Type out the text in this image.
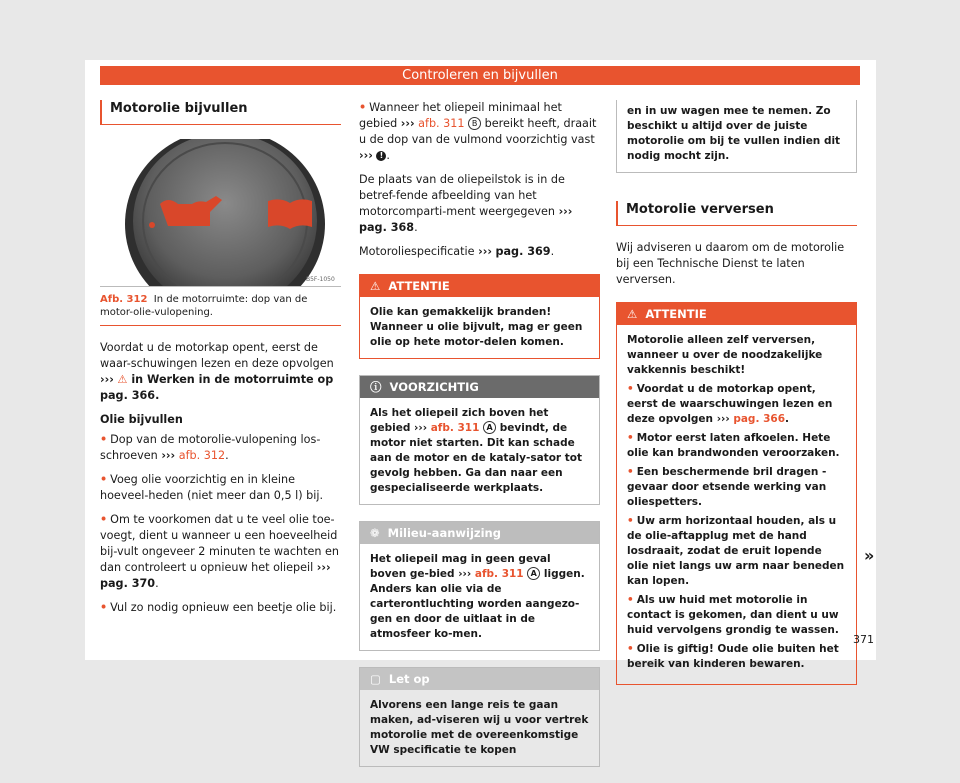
Controleren en bijvullen
Motorolie bijvullen
B5F-1050
Afb. 312 In de motorruimte: dop van de motor-olie-vulopening.

Voordat u de motorkap opent, eerst de waar-schuwingen lezen en deze opvolgen ››› ⚠ in Werken in de motorruimte op pag. 366.

Olie bijvullen

• Dop van de motorolie-vulopening los-schroeven ››› afb. 312.

• Voeg olie voorzichtig en in kleine hoeveel-heden (niet meer dan 0,5 l) bij.

• Om te voorkomen dat u te veel olie toe-voegt, dient u wanneer u een hoeveelheid bij-vult ongeveer 2 minuten te wachten en dan controleert u opnieuw het oliepeil ››› pag. 370.

• Vul zo nodig opnieuw een beetje olie bij.

• Wanneer het oliepeil minimaal het gebied ››› afb. 311 B bereikt heeft, draait u de dop van de vulmond voorzichtig vast ››› ! .

De plaats van de oliepeilstok is in de betref-fende afbeelding van het motorcomparti-ment weergegeven ››› pag. 368.

Motoroliespecificatie ››› pag. 369.

⚠ ATTENTIE
Olie kan gemakkelijk branden! Wanneer u olie bijvult, mag er geen olie op hete motor-delen komen.
ⓘ VOORZICHTIG
Als het oliepeil zich boven het gebied ››› afb. 311 A bevindt, de motor niet starten. Dit kan schade aan de motor en de kataly-sator tot gevolg hebben. Ga dan naar een gespecialiseerde werkplaats.
❁ Milieu-aanwijzing
Het oliepeil mag in geen geval boven ge-bied ››› afb. 311 A liggen. Anders kan olie via de carterontluchting worden aangezo-gen en door de uitlaat in de atmosfeer ko-men.
▢ Let op
Alvorens een lange reis te gaan maken, ad-viseren wij u voor vertrek motorolie met de overeenkomstige VW specificatie te kopen
en in uw wagen mee te nemen. Zo beschikt u altijd over de juiste motorolie om bij te vullen indien dit nodig mocht zijn.
Motorolie verversen

Wij adviseren u daarom om de motorolie bij een Technische Dienst te laten verversen.

⚠ ATTENTIE

Motorolie alleen zelf verversen, wanneer u over de noodzakelijke vakkennis beschikt!

• Voordat u de motorkap opent, eerst de waarschuwingen lezen en deze opvolgen ››› pag. 366.

• Motor eerst laten afkoelen. Hete olie kan brandwonden veroorzaken.

• Een beschermende bril dragen - gevaar door etsende werking van oliespetters.

• Uw arm horizontaal houden, als u de olie-aftapplug met de hand losdraait, zodat de eruit lopende olie niet langs uw arm naar beneden kan lopen.

• Als uw huid met motorolie in contact is gekomen, dan dient u uw huid vervolgens grondig te wassen.

• Olie is giftig! Oude olie buiten het bereik van kinderen bewaren.

»
371
